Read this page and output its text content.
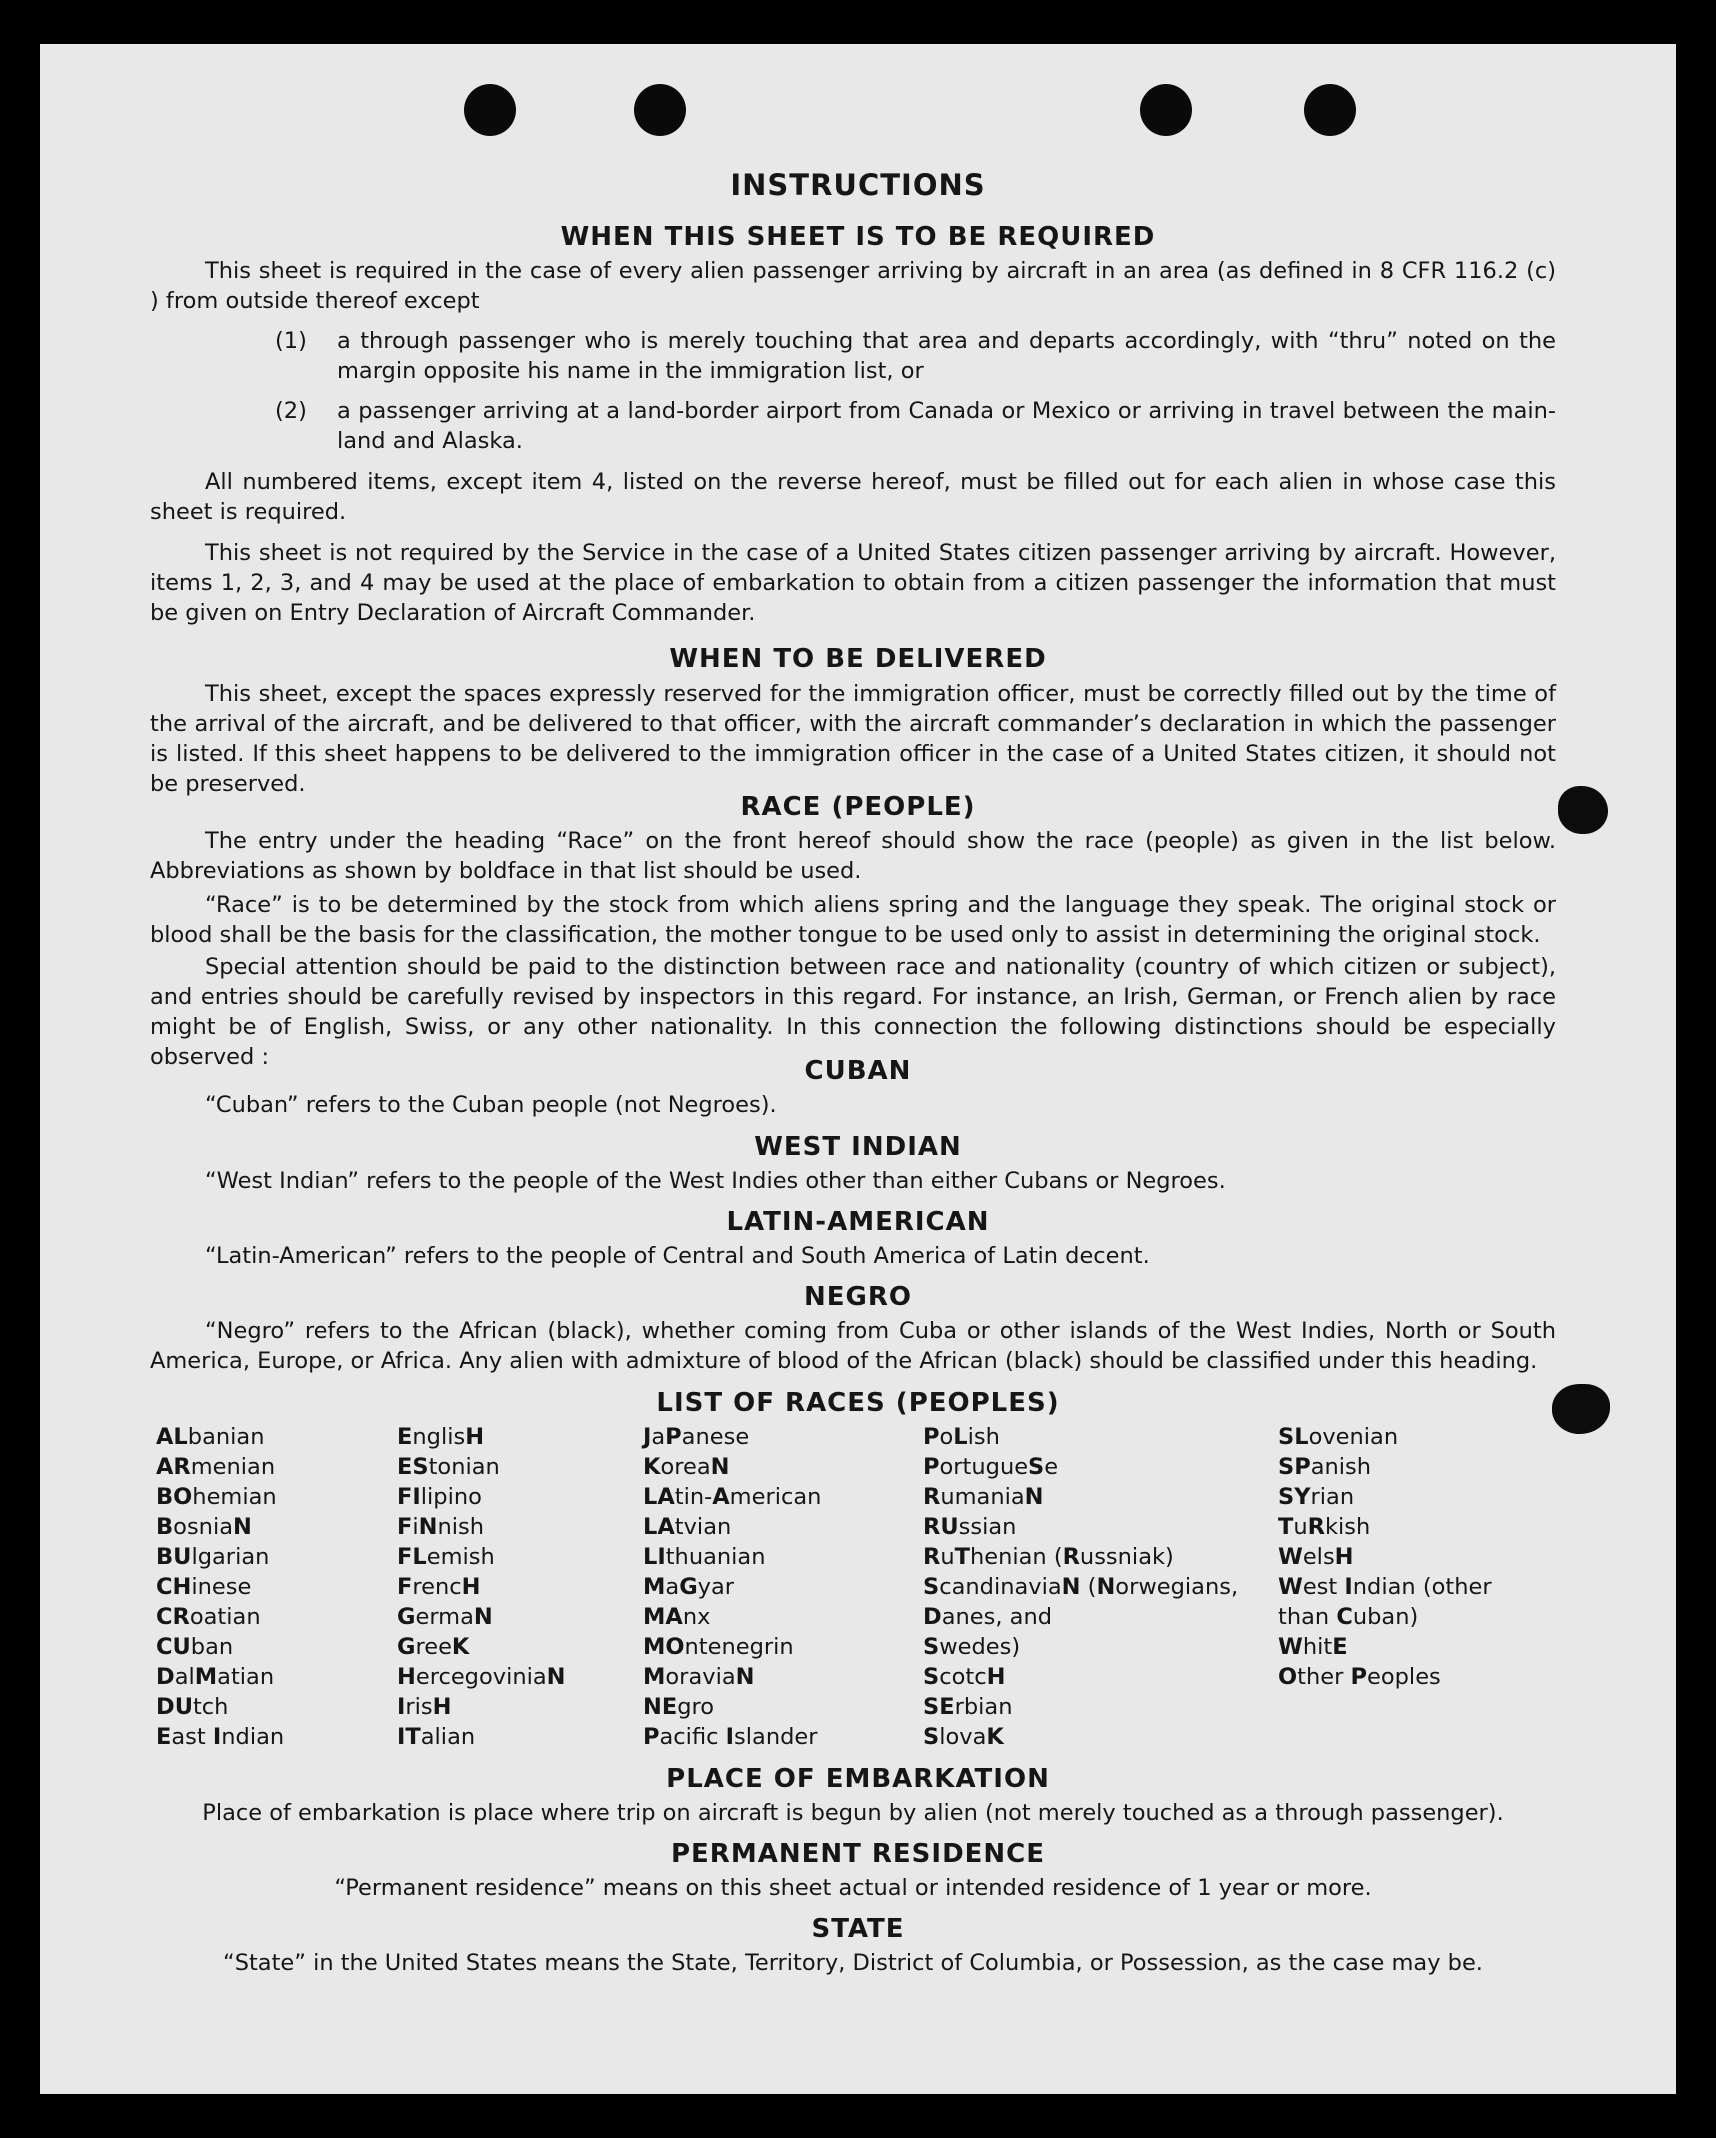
INSTRUCTIONS
WHEN THIS SHEET IS TO BE REQUIRED

This sheet is required in the case of every alien passenger arriving by aircraft in an area (as defined in 8 CFR 116.2 (c) ) from outside thereof except

(1) a through passenger who is merely touching that area and departs accordingly, with “thru” noted on the margin opposite his name in the immigration list, or
(2) a passenger arriving at a land-border airport from Canada or Mexico or arriving in travel between the main-land and Alaska.

All numbered items, except item 4, listed on the reverse hereof, must be filled out for each alien in whose case this sheet is required.

This sheet is not required by the Service in the case of a United States citizen passenger arriving by aircraft. However, items 1, 2, 3, and 4 may be used at the place of embarkation to obtain from a citizen passenger the information that must be given on Entry Declaration of Aircraft Commander.

WHEN TO BE DELIVERED

This sheet, except the spaces expressly reserved for the immigration officer, must be correctly filled out by the time of the arrival of the aircraft, and be delivered to that officer, with the aircraft commander’s declaration in which the passenger is listed. If this sheet happens to be delivered to the immigration officer in the case of a United States citizen, it should not be preserved.

RACE (PEOPLE)

The entry under the heading “Race” on the front hereof should show the race (people) as given in the list below. Abbreviations as shown by boldface in that list should be used.

“Race” is to be determined by the stock from which aliens spring and the language they speak. The original stock or blood shall be the basis for the classification, the mother tongue to be used only to assist in determining the original stock.

Special attention should be paid to the distinction between race and nationality (country of which citizen or subject), and entries should be carefully revised by inspectors in this regard. For instance, an Irish, German, or French alien by race might be of English, Swiss, or any other nationality. In this connection the following distinctions should be especially observed :	CUBAN

“Cuban” refers to the Cuban people (not Negroes).

WEST INDIAN

“West Indian” refers to the people of the West Indies other than either Cubans or Negroes.

LATIN-AMERICAN

“Latin-American” refers to the people of Central and South America of Latin decent.

NEGRO

“Negro” refers to the African (black), whether coming from Cuba or other islands of the West Indies, North or South America, Europe, or Africa. Any alien with admixture of blood of the African (black) should be classified under this heading.

LIST OF RACES (PEOPLES)
ALbanian
ARmenian
BOhemian
BosniaN
BUlgarian
CHinese
CRoatian
CUban
DalMatian
DUtch
East Indian
EnglisH
EStonian
FIlipino
FiNnish
FLemish
FrencH
GermaN
GreeK
HercegoviniaN
IrisH
ITalian
JaPanese
KoreaN
LAtin-American
LAtvian
LIthuanian
MaGyar
MAnx
MOntenegrin
MoraviaN
NEgro
Pacifc Islander
PoLish
PortugueSe
RumaniaN
RUssian
RuThenian (Russniak)
ScandinaviaN (Norwegians,
Danes, and
Swedes)
ScotcH
SErbian
SlovaK
SLovenian
SPanish
SYrian
TuRkish
WelsH
West Indian (other
than Cuban)
WhitE
Other Peoples
PLACE OF EMBARKATION

Place of embarkation is place where trip on aircraft is begun by alien (not merely touched as a through passenger).

PERMANENT RESIDENCE

“Permanent residence” means on this sheet actual or intended residence of 1 year or more.

STATE

“State” in the United States means the State, Territory, District of Columbia, or Possession, as the case may be.
